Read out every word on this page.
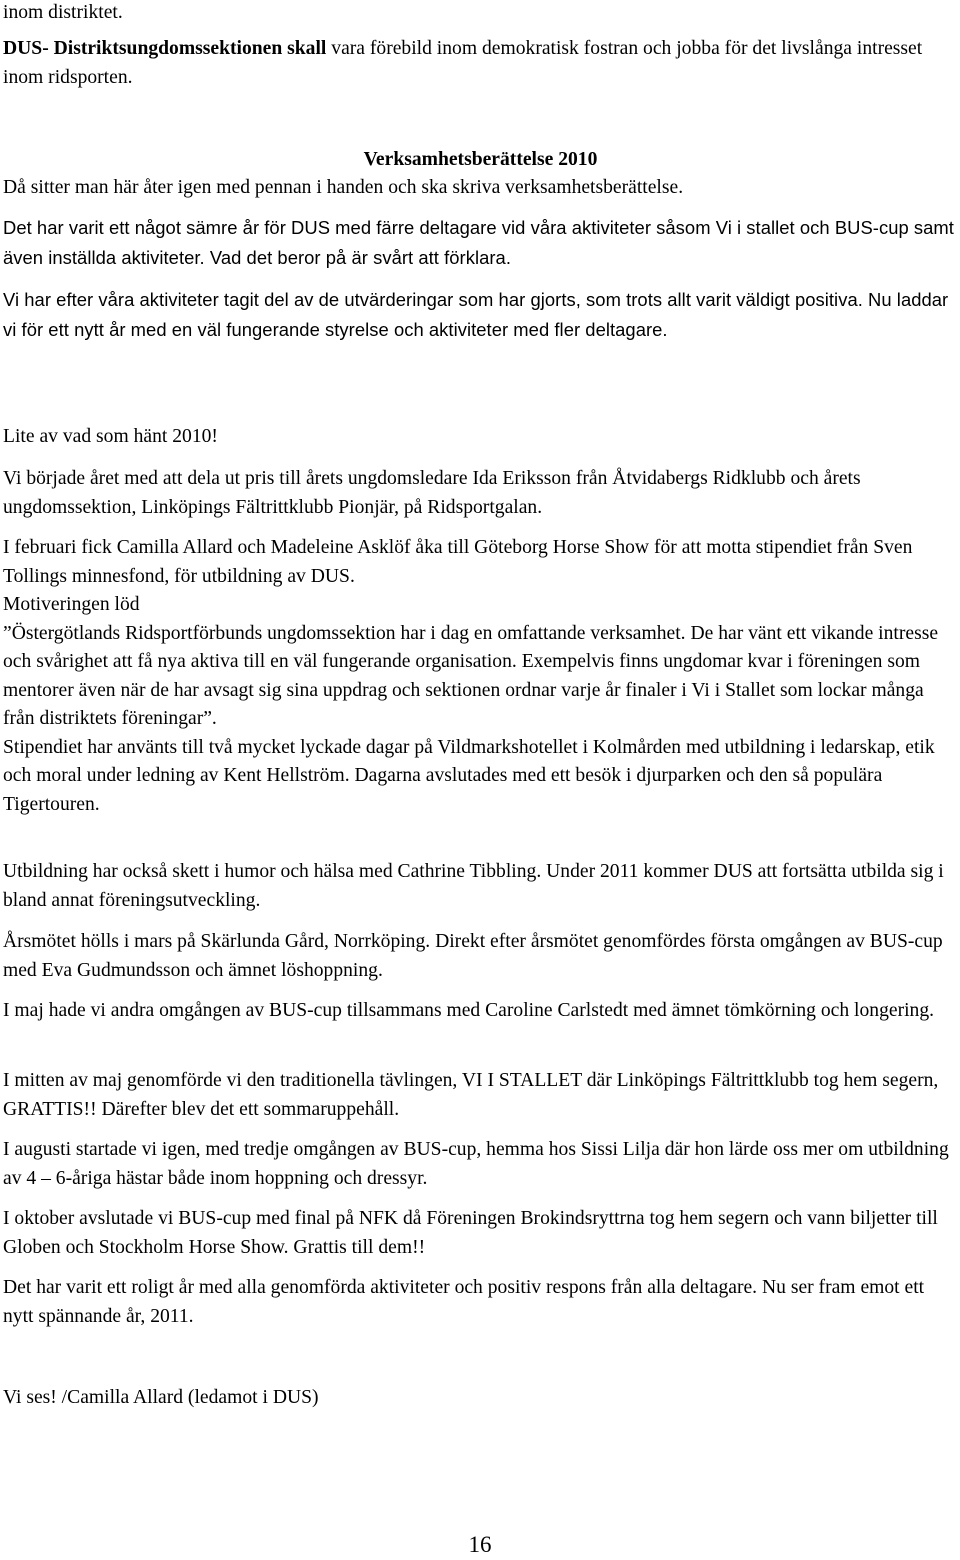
inom distriktet.

DUS- Distriktsungdomssektionen skall vara förebild inom demokratisk fostran och jobba för det livslånga intresset inom ridsporten.

Verksamhetsberättelse 2010

Då sitter man här åter igen med pennan i handen och ska skriva verksamhetsberättelse.

Det har varit ett något sämre år för DUS med färre deltagare vid våra aktiviteter såsom Vi i stallet och BUS-cup samt även inställda aktiviteter. Vad det beror på är svårt att förklara.

Vi har efter våra aktiviteter tagit del av de utvärderingar som har gjorts, som trots allt varit väldigt positiva. Nu laddar vi för ett nytt år med en väl fungerande styrelse och aktiviteter med fler deltagare.

Lite av vad som hänt 2010!

Vi började året med att dela ut pris till årets ungdomsledare Ida Eriksson från Åtvidabergs Ridklubb och årets ungdomssektion, Linköpings Fältrittklubb Pionjär, på Ridsportgalan.

I februari fick Camilla Allard och Madeleine Asklöf åka till Göteborg Horse Show för att motta stipendiet från Sven Tollings minnesfond, för utbildning av DUS.

Motiveringen löd

”Östergötlands Ridsportförbunds ungdomssektion har i dag en omfattande verksamhet. De har vänt ett vikande intresse och svårighet att få nya aktiva till en väl fungerande organisation. Exempelvis finns ungdomar kvar i föreningen som mentorer även när de har avsagt sig sina uppdrag och sektionen ordnar varje år finaler i Vi i Stallet som lockar många från distriktets föreningar”.

Stipendiet har använts till två mycket lyckade dagar på Vildmarkshotellet i Kolmården med utbildning i ledarskap, etik och moral under ledning av Kent Hellström. Dagarna avslutades med ett besök i djurparken och den så populära Tigertouren.

Utbildning har också skett i humor och hälsa med Cathrine Tibbling. Under 2011 kommer DUS att fortsätta utbilda sig i bland annat föreningsutveckling.

Årsmötet hölls i mars på Skärlunda Gård, Norrköping. Direkt efter årsmötet genomfördes första omgången av BUS-cup med Eva Gudmundsson och ämnet löshoppning.

I maj hade vi andra omgången av BUS-cup tillsammans med Caroline Carlstedt med ämnet tömkörning och longering.

I mitten av maj genomförde vi den traditionella tävlingen, VI I STALLET där Linköpings Fältrittklubb tog hem segern, GRATTIS!! Därefter blev det ett sommaruppehåll.

I augusti startade vi igen, med tredje omgången av BUS-cup, hemma hos Sissi Lilja där hon lärde oss mer om utbildning av 4 – 6-åriga hästar både inom hoppning och dressyr.

I oktober avslutade vi BUS-cup med final på NFK då Föreningen Brokindsryttrna tog hem segern och vann biljetter till Globen och Stockholm Horse Show. Grattis till dem!!

Det har varit ett roligt år med alla genomförda aktiviteter och positiv respons från alla deltagare. Nu ser fram emot ett nytt spännande år, 2011.

Vi ses! /Camilla Allard (ledamot i DUS)

16
